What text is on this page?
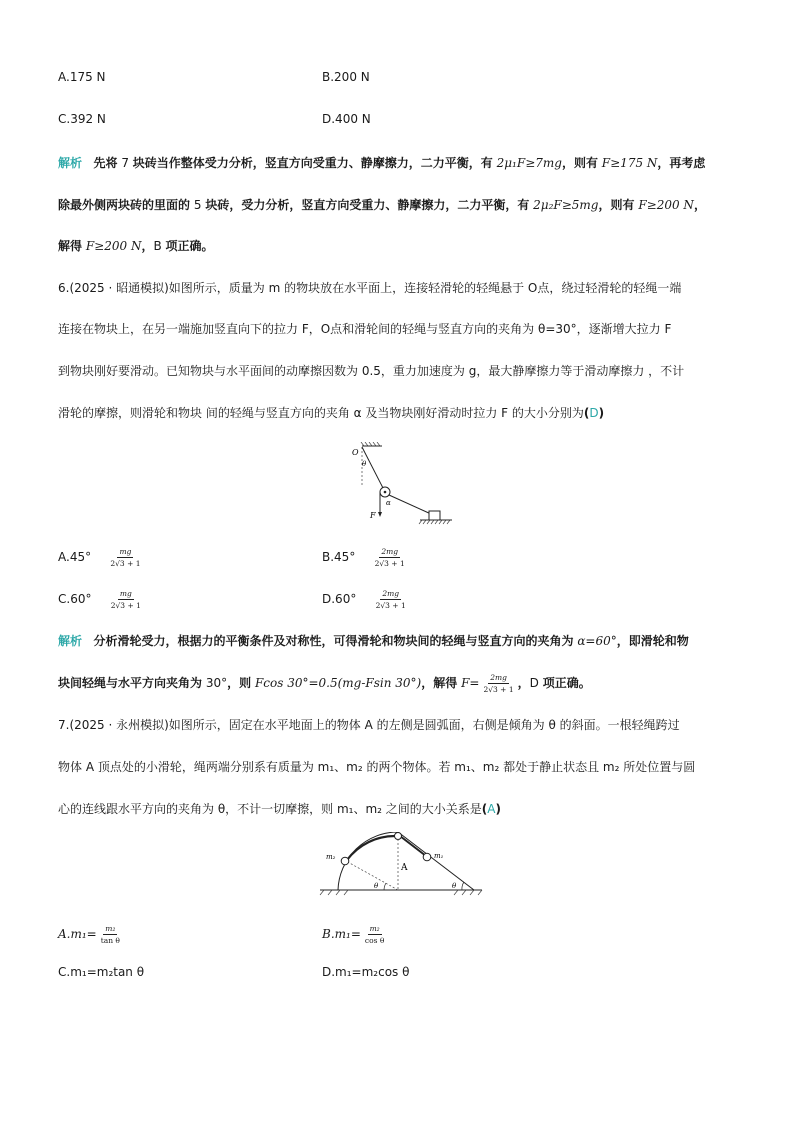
A.175 N	B.200 N
C.392 N	D.400 N
解析 先将 7 块砖当作整体受力分析，竖直方向受重力、静摩擦力，二力平衡，有 2μ₁F≥7mg，则有 F≥175 N，再考虑
除最外侧两块砖的里面的 5 块砖，受力分析，竖直方向受重力、静摩擦力，二力平衡，有 2μ₂F≥5mg，则有 F≥200 N，
解得 F≥200 N，B 项正确。
6.(2025 · 昭通模拟)如图所示，质量为 m 的物块放在水平面上，连接轻滑轮的轻绳悬于 O点，绕过轻滑轮的轻绳一端
连接在物块上，在另一端施加竖直向下的拉力 F，O点和滑轮间的轻绳与竖直方向的夹角为 θ=30°，逐渐增大拉力 F
到物块刚好要滑动。已知物块与水平面间的动摩擦因数为 0.5，重力加速度为 g，最大静摩擦力等于滑动摩擦力 ，不计
滑轮的摩擦，则滑轮和物块 间的轻绳与竖直方向的夹角 α 及当物块刚好滑动时拉力 F 的大小分别为(D)
O
θ
α
F
$A.45^\circ \frac{mg}{2√3 + 1}$	$B.45^\circ \frac{2mg}{2√3 + 1}$
$C.60^\circ \frac{mg}{2√3 + 1}$	$D.60^\circ \frac{2mg}{2√3 + 1}$
解析 分析滑轮受力，根据力的平衡条件及对称性，可得滑轮和物块间的轻绳与竖直方向的夹角为 α=60°，即滑轮和物
块间轻绳与水平方向夹角为 30°，则 Fcos 30°=0.5(mg-Fsin 30°)，解得 $F= \frac{2mg}{2√3 + 1}$ ，D 项正确。
7.(2025 · 永州模拟)如图所示，固定在水平地面上的物体 A 的左侧是圆弧面，右侧是倾角为 θ 的斜面。一根轻绳跨过
物体 A 顶点处的小滑轮，绳两端分别系有质量为 m₁、m₂ 的两个物体。若 m₁、m₂ 都处于静止状态且 m₂ 所处位置与圆
心的连线跟水平方向的夹角为 θ，不计一切摩擦，则 m₁、m₂ 之间的大小关系是(A)
m₂	m₁
A
θ	θ
$A.m_1= \frac{\text{m₂}}{\text{tan θ}}$	$B.m_1= \frac{\text{m₂}}{\text{cos θ}}$
C.m₁=m₂tan θ	D.m₁=m₂cos θ
